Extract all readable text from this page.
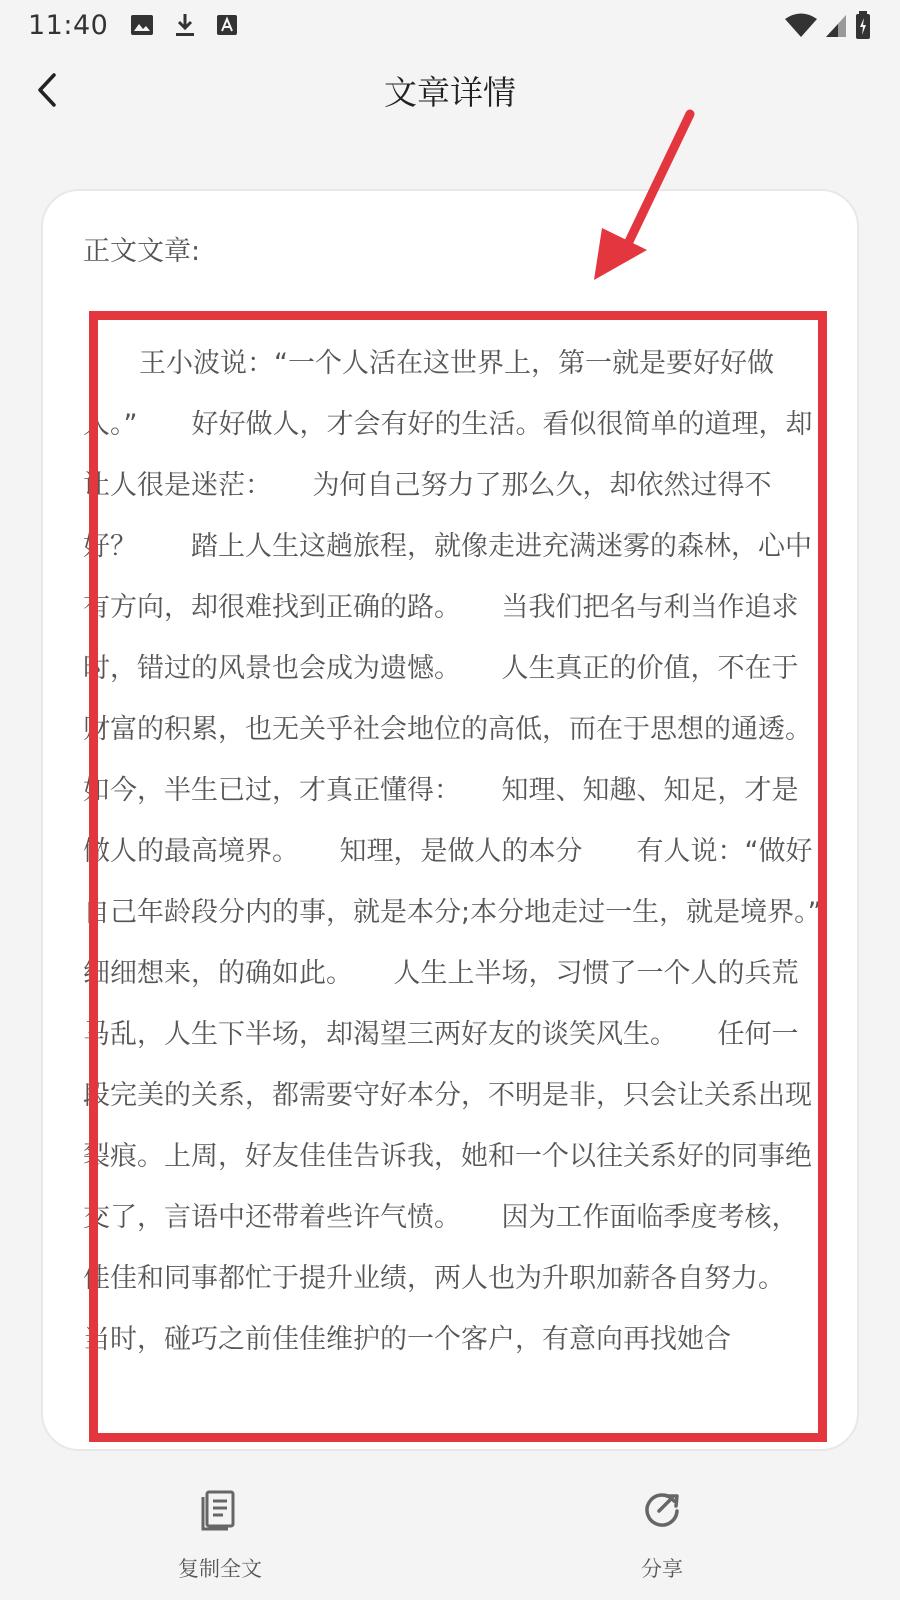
11:40
文章详情
正文文章:
王小波说：“一个人活在这世界上，第一就是要好好做人。”　　好好做人，才会有好的生活。看似很简单的道理，却让人很是迷茫：　　为何自己努力了那么久，却依然过得不好？　　踏上人生这趟旅程，就像走进充满迷雾的森林，心中有方向，却很难找到正确的路。　　当我们把名与利当作追求时，错过的风景也会成为遗憾。　　人生真正的价值，不在于财富的积累，也无关乎社会地位的高低，而在于思想的通透。　　如今，半生已过，才真正懂得：　　知理、知趣、知足，才是做人的最高境界。　　知理，是做人的本分　　有人说：“做好自己年龄段分内的事，就是本分;本分地走过一生，就是境界。”　　细细想来，的确如此。　　人生上半场，习惯了一个人的兵荒马乱，人生下半场，却渴望三两好友的谈笑风生。　　任何一段完美的关系，都需要守好本分，不明是非，只会让关系出现裂痕。上周，好友佳佳告诉我，她和一个以往关系好的同事绝交了，言语中还带着些许气愤。　　因为工作面临季度考核，佳佳和同事都忙于提升业绩，两人也为升职加薪各自努力。　　当时，碰巧之前佳佳维护的一个客户，有意向再找她合
复制全文	分享
